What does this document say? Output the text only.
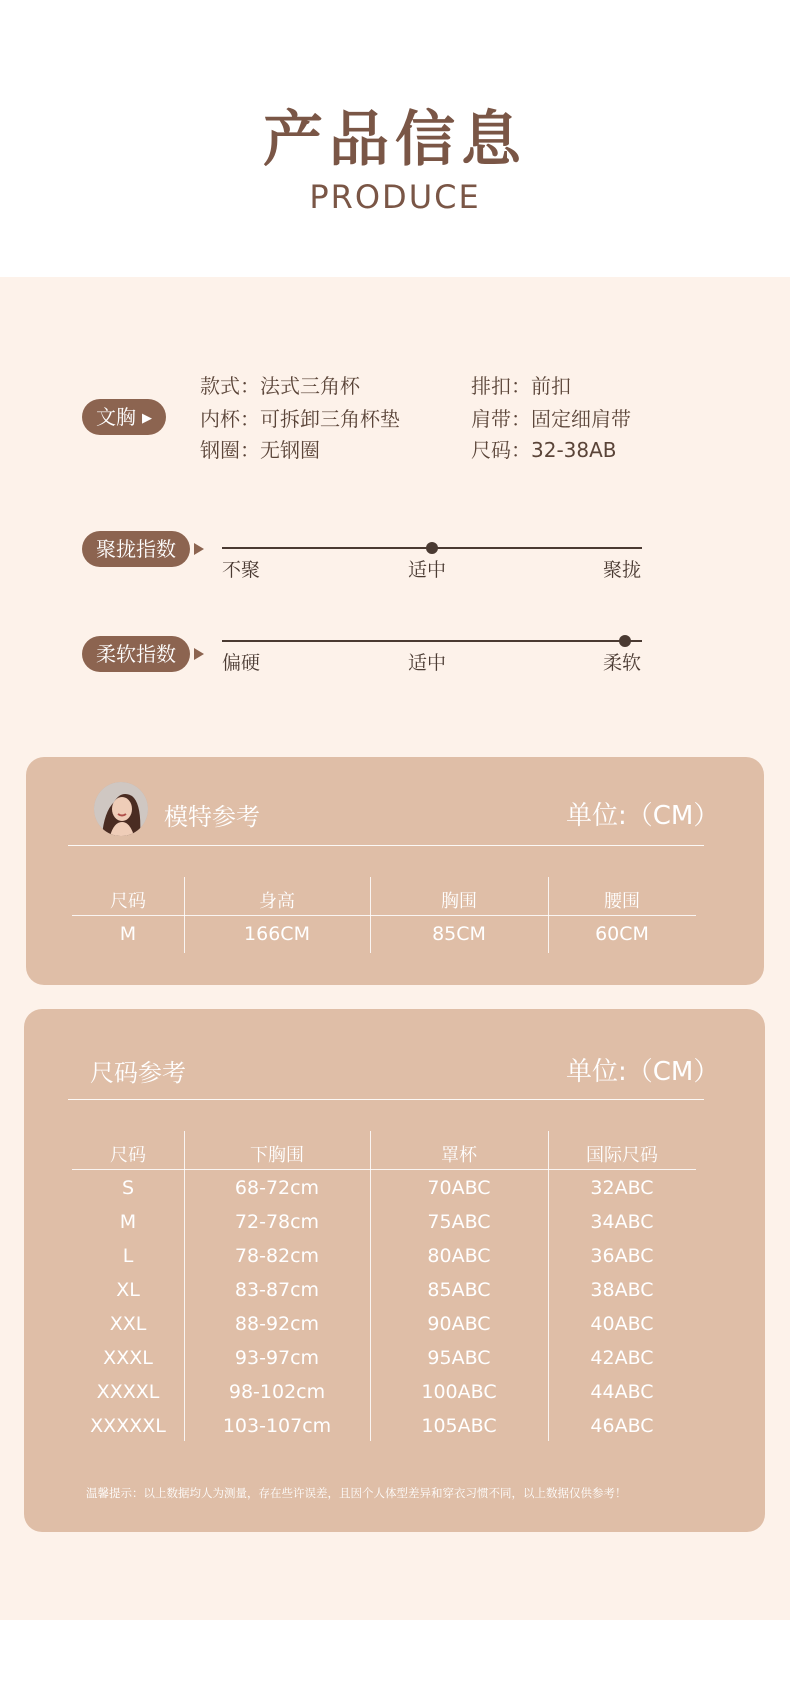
产品信息
PRODUCE
文胸 ▶
款式：法式三角杯
内杯：可拆卸三角杯垫
钢圈：无钢圈
排扣：前扣
肩带：固定细肩带
尺码：32-38AB
聚拢指数
不聚	适中	聚拢
柔软指数	偏硬	适中	柔软
模特参考	单位:（CM）
尺码	身高	胸围	腰围
M	166CM	85CM	60CM
尺码参考	单位:（CM）
尺码	下胸围	罩杯	国际尺码
S	68-72cm	70ABC	32ABC
M	72-78cm	75ABC	34ABC
L	78-82cm	80ABC	36ABC
XL	83-87cm	85ABC	38ABC
XXL	88-92cm	90ABC	40ABC
XXXL	93-97cm	95ABC	42ABC
XXXXL	98-102cm	100ABC	44ABC
XXXXXL	103-107cm	105ABC	46ABC
温馨提示：以上数据均人为测量，存在些许误差，且因个人体型差异和穿衣习惯不同，以上数据仅供参考！
